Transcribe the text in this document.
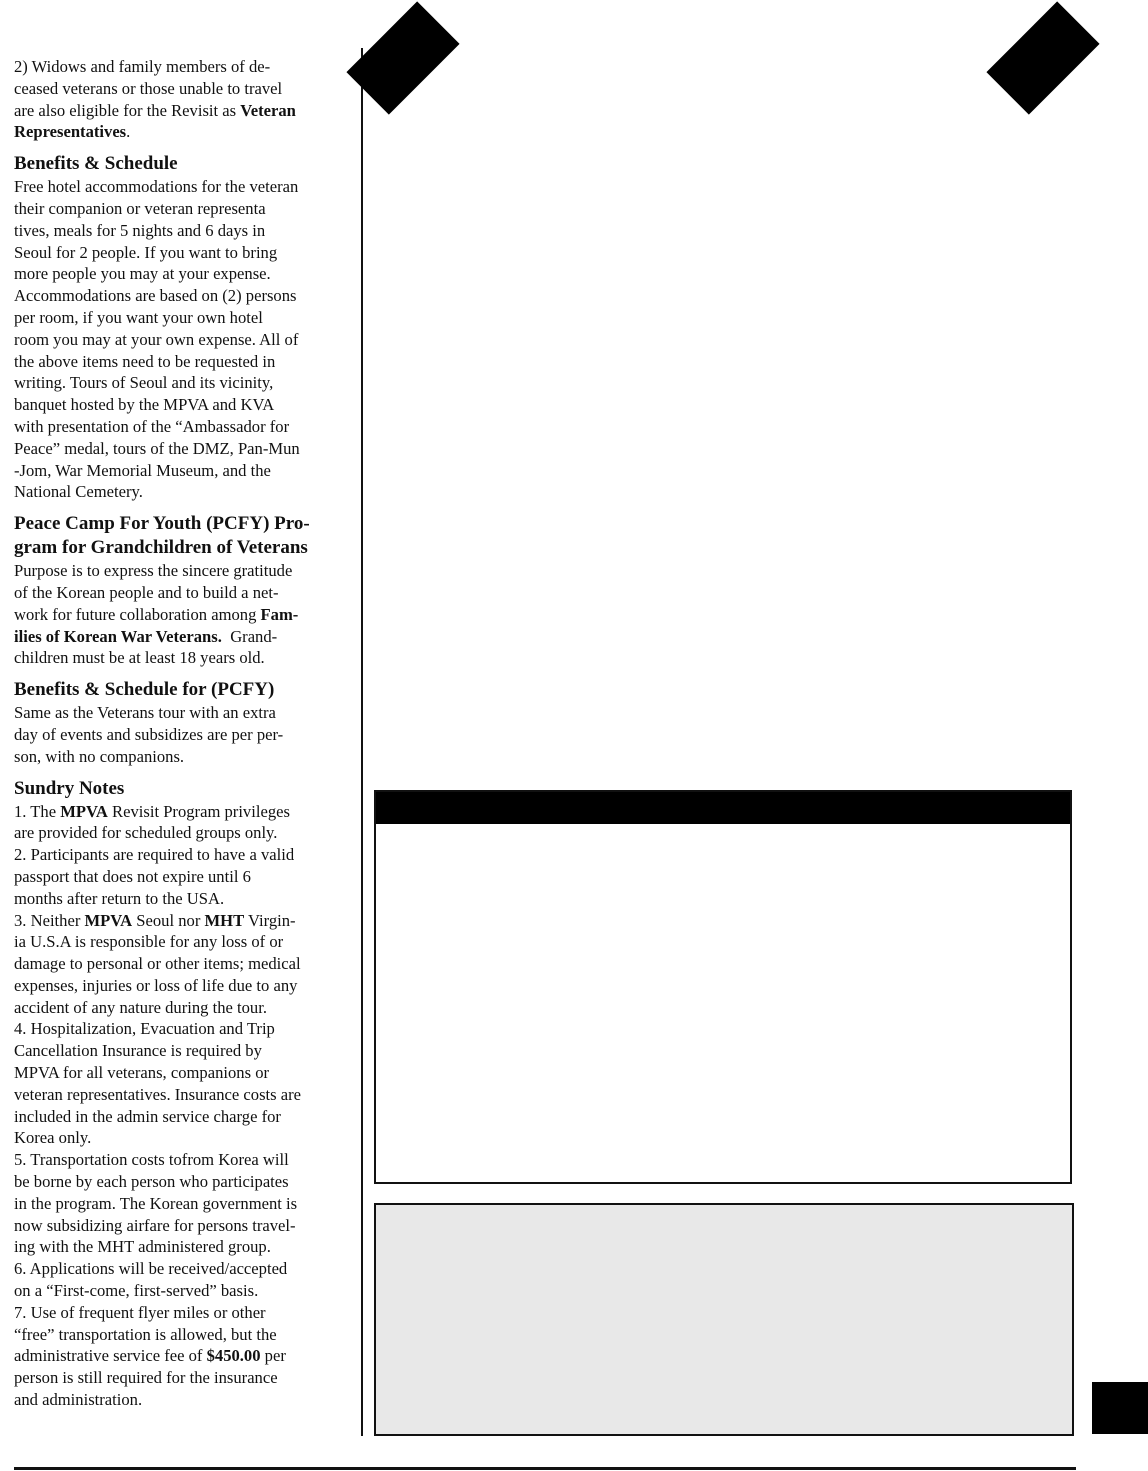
2) Widows and family members of de-

ceased veterans or those unable to travel

are also eligible for the Revisit as Veteran Representatives.

Benefits & Schedule

Free hotel accommodations for the veteran

their companion or veteran representa

tives, meals for 5 nights and 6 days in

Seoul for 2 people. If you want to bring

more people you may at your expense.

Accommodations are based on (2) persons

per room, if you want your own hotel

room you may at your own expense. All of

the above items need to be requested in

writing. Tours of Seoul and its vicinity,

banquet hosted by the MPVA and KVA

with presentation of the “Ambassador for

Peace” medal, tours of the DMZ, Pan-Mun

-Jom, War Memorial Museum, and the

National Cemetery.

Peace Camp For Youth (PCFY) Pro-

gram for Grandchildren of Veterans

Purpose is to express the sincere gratitude

of the Korean people and to build a net-

work for future collaboration among Fam-

ilies of Korean War Veterans.  Grand-

children must be at least 18 years old.

Benefits & Schedule for (PCFY)

Same as the Veterans tour with an extra

day of events and subsidizes are per per-

son, with no companions.

Sundry Notes

1. The MPVA Revisit Program privileges

are provided for scheduled groups only.

2. Participants are required to have a valid

passport that does not expire until 6

months after return to the USA.

3. Neither MPVA Seoul nor MHT Virgin-

ia U.S.A is responsible for any loss of or

damage to personal or other items; medical

expenses, injuries or loss of life due to any

accident of any nature during the tour.

4. Hospitalization, Evacuation and Trip

Cancellation Insurance is required by

MPVA for all veterans, companions or

veteran representatives. Insurance costs are

included in the admin service charge for

Korea only.

5. Transportation costs tofrom Korea will

be borne by each person who participates

in the program. The Korean government is

now subsidizing airfare for persons travel-

ing with the MHT administered group.

6. Applications will be received/accepted

on a “First-come, first-served” basis.

7. Use of frequent flyer miles or other

“free” transportation is allowed, but the

administrative service fee of $450.00 per

person is still required for the insurance

and administration.
